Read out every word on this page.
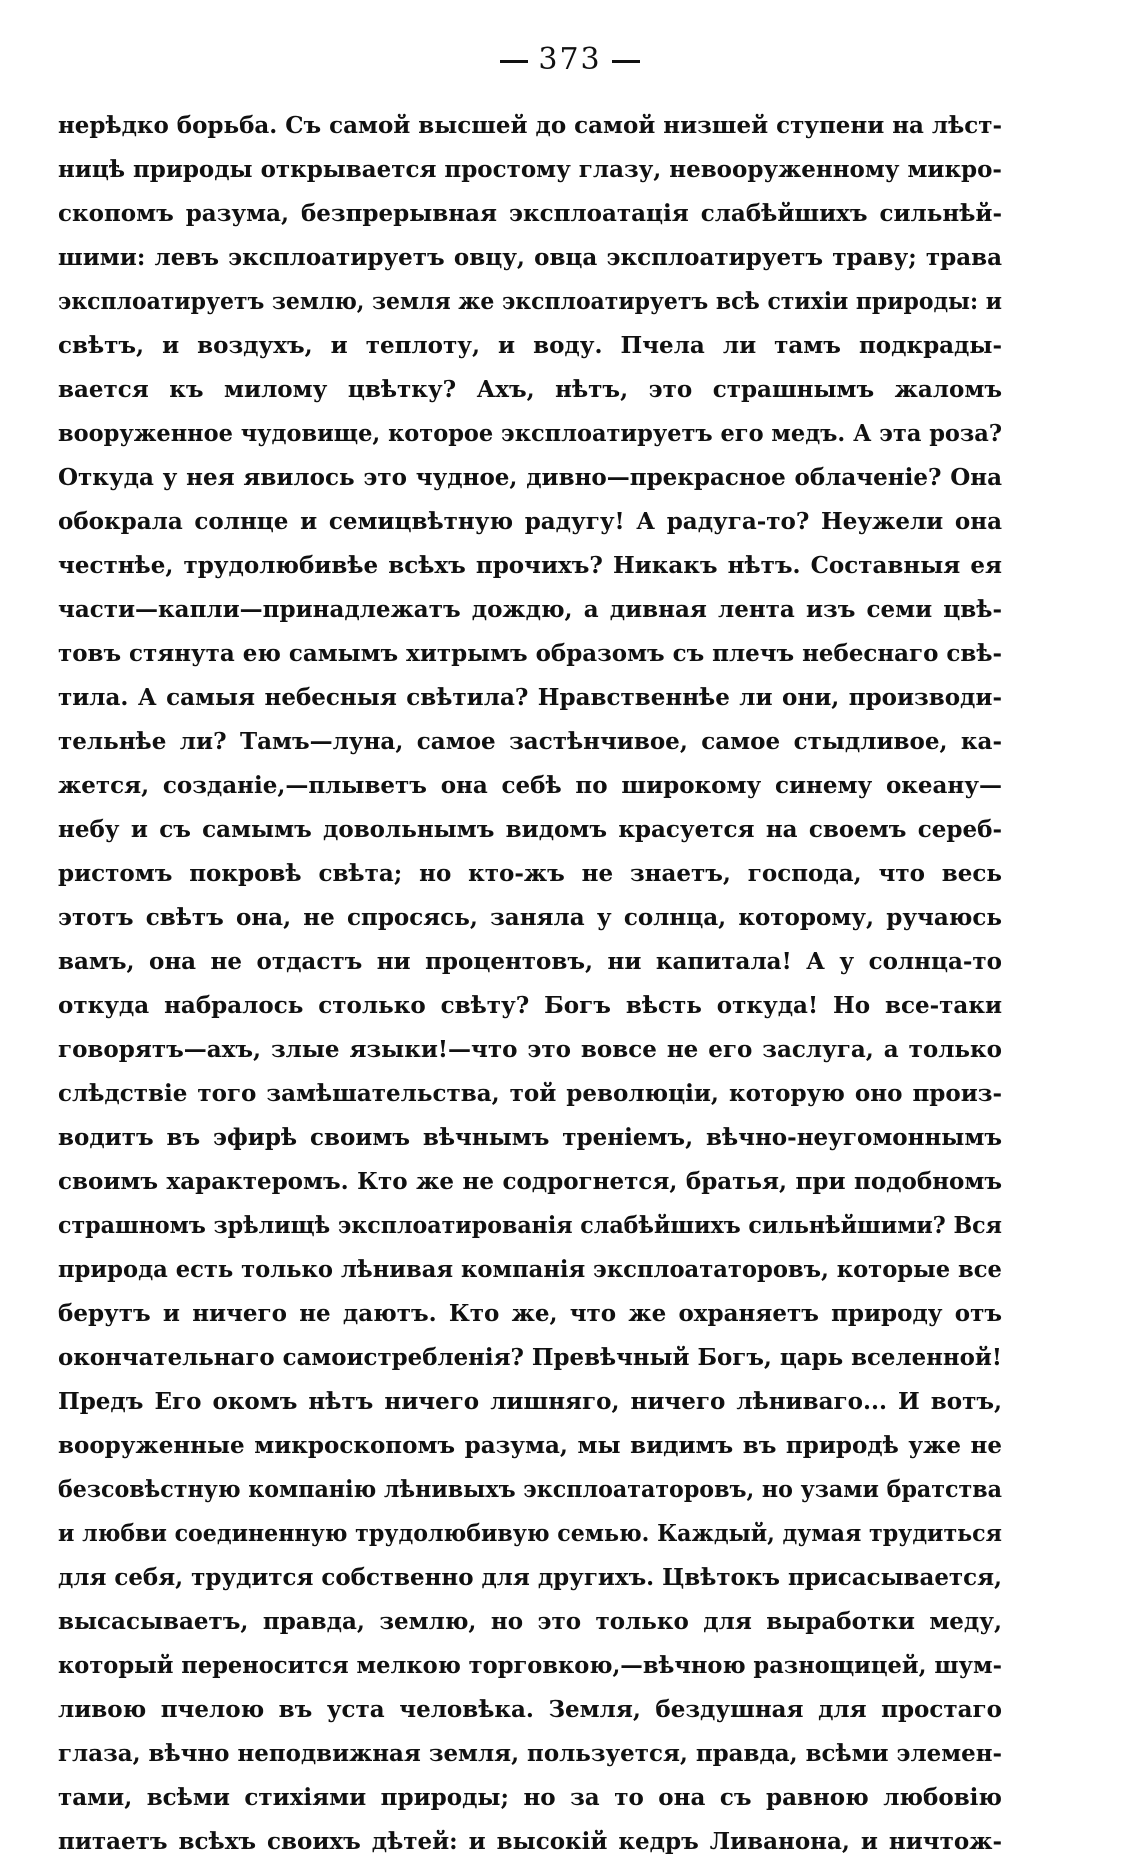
373
нерѣдко борьба. Съ самой высшей до самой низшей ступени на лѣст-
ницѣ природы открывается простому глазу, невооруженному микро-
скопомъ разума, безпрерывная эксплоатація слабѣйшихъ сильнѣй-
шими: левъ эксплоатируетъ овцу, овца эксплоатируетъ траву; трава
эксплоатируетъ землю, земля же эксплоатируетъ всѣ стихіи природы: и
свѣтъ, и воздухъ, и теплоту, и воду. Пчела ли тамъ подкрады-
вается къ милому цвѣтку? Ахъ, нѣтъ, это страшнымъ жаломъ
вооруженное чудовище, которое эксплоатируетъ его медъ. А эта роза?
Откуда у нея явилось это чудное, дивно—прекрасное облаченіе? Она
обокрала солнце и семицвѣтную радугу! А радуга-то? Неужели она
честнѣе, трудолюбивѣе всѣхъ прочихъ? Никакъ нѣтъ. Составныя ея
части—капли—принадлежатъ дождю, а дивная лента изъ семи цвѣ-
товъ стянута ею самымъ хитрымъ образомъ съ плечъ небеснаго свѣ-
тила. А самыя небесныя свѣтила? Нравственнѣе ли они, производи-
тельнѣе ли? Тамъ—луна, самое застѣнчивое, самое стыдливое, ка-
жется, созданіе,—плыветъ она себѣ по широкому синему океану—
небу и съ самымъ довольнымъ видомъ красуется на своемъ сереб-
ристомъ покровѣ свѣта; но кто-жъ не знаетъ, господа, что весь
этотъ свѣтъ она, не спросясь, заняла у солнца, которому, ручаюсь
вамъ, она не отдастъ ни процентовъ, ни капитала! А у солнца-то
откуда набралось столько свѣту? Богъ вѣсть откуда! Но все-таки
говорятъ—ахъ, злые языки!—что это вовсе не его заслуга, а только
слѣдствіе того замѣшательства, той революціи, которую оно произ-
водитъ въ эфирѣ своимъ вѣчнымъ треніемъ, вѣчно-неугомоннымъ
своимъ характеромъ. Кто же не содрогнется, братья, при подобномъ
страшномъ зрѣлищѣ эксплоатированія слабѣйшихъ сильнѣйшими? Вся
природа есть только лѣнивая компанія эксплоататоровъ, которые все
берутъ и ничего не даютъ. Кто же, что же охраняетъ природу отъ
окончательнаго самоистребленія? Превѣчный Богъ, царь вселенной!
Предъ Его окомъ нѣтъ ничего лишняго, ничего лѣниваго... И вотъ,
вооруженные микроскопомъ разума, мы видимъ въ природѣ уже не
безсовѣстную компанію лѣнивыхъ эксплоататоровъ, но узами братства
и любви соединенную трудолюбивую семью. Каждый, думая трудиться
для себя, трудится собственно для другихъ. Цвѣтокъ присасывается,
высасываетъ, правда, землю, но это только для выработки меду,
который переносится мелкою торговкою,—вѣчною разнощицей, шум-
ливою пчелою въ уста человѣка. Земля, бездушная для простаго
глаза, вѣчно неподвижная земля, пользуется, правда, всѣми элемен-
тами, всѣми стихіями природы; но за то она съ равною любовію
питаетъ всѣхъ своихъ дѣтей: и высокій кедръ Ливанона, и ничтож-
